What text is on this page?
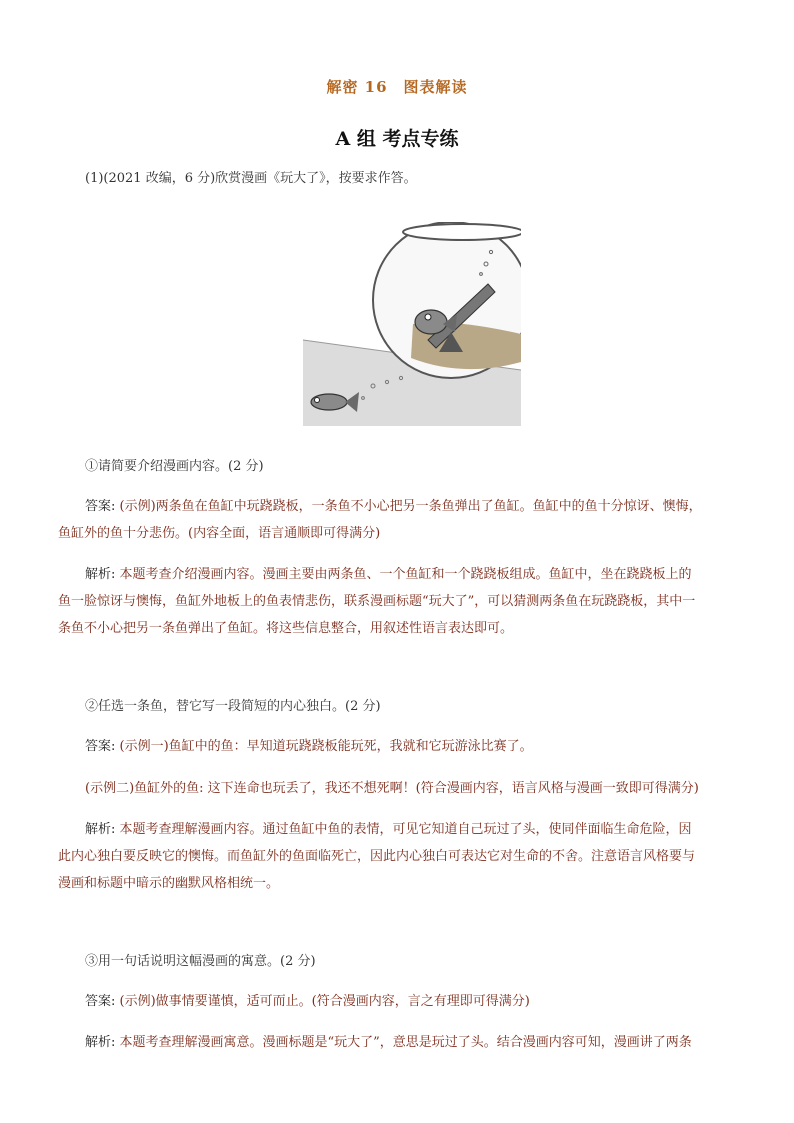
解密 16　图表解读
A 组 考点专练
(1)(2021 改编，6 分)欣赏漫画《玩大了》，按要求作答。
①请简要介绍漫画内容。(2 分)
答案: (示例)两条鱼在鱼缸中玩跷跷板，一条鱼不小心把另一条鱼弹出了鱼缸。鱼缸中的鱼十分惊讶、懊悔，
鱼缸外的鱼十分悲伤。(内容全面，语言通顺即可得满分)
解析: 本题考查介绍漫画内容。漫画主要由两条鱼、一个鱼缸和一个跷跷板组成。鱼缸中，坐在跷跷板上的
鱼一脸惊讶与懊悔，鱼缸外地板上的鱼表情悲伤，联系漫画标题“玩大了”，可以猜测两条鱼在玩跷跷板，其中一
条鱼不小心把另一条鱼弹出了鱼缸。将这些信息整合，用叙述性语言表达即可。
②任选一条鱼，替它写一段简短的内心独白。(2 分)
答案: (示例一)鱼缸中的鱼：早知道玩跷跷板能玩死，我就和它玩游泳比赛了。
(示例二)鱼缸外的鱼: 这下连命也玩丢了，我还不想死啊！(符合漫画内容，语言风格与漫画一致即可得满分)
解析: 本题考查理解漫画内容。通过鱼缸中鱼的表情，可见它知道自己玩过了头，使同伴面临生命危险，因
此内心独白要反映它的懊悔。而鱼缸外的鱼面临死亡，因此内心独白可表达它对生命的不舍。注意语言风格要与
漫画和标题中暗示的幽默风格相统一。
③用一句话说明这幅漫画的寓意。(2 分)
答案: (示例)做事情要谨慎，适可而止。(符合漫画内容，言之有理即可得满分)
解析: 本题考查理解漫画寓意。漫画标题是“玩大了”，意思是玩过了头。结合漫画内容可知，漫画讲了两条
